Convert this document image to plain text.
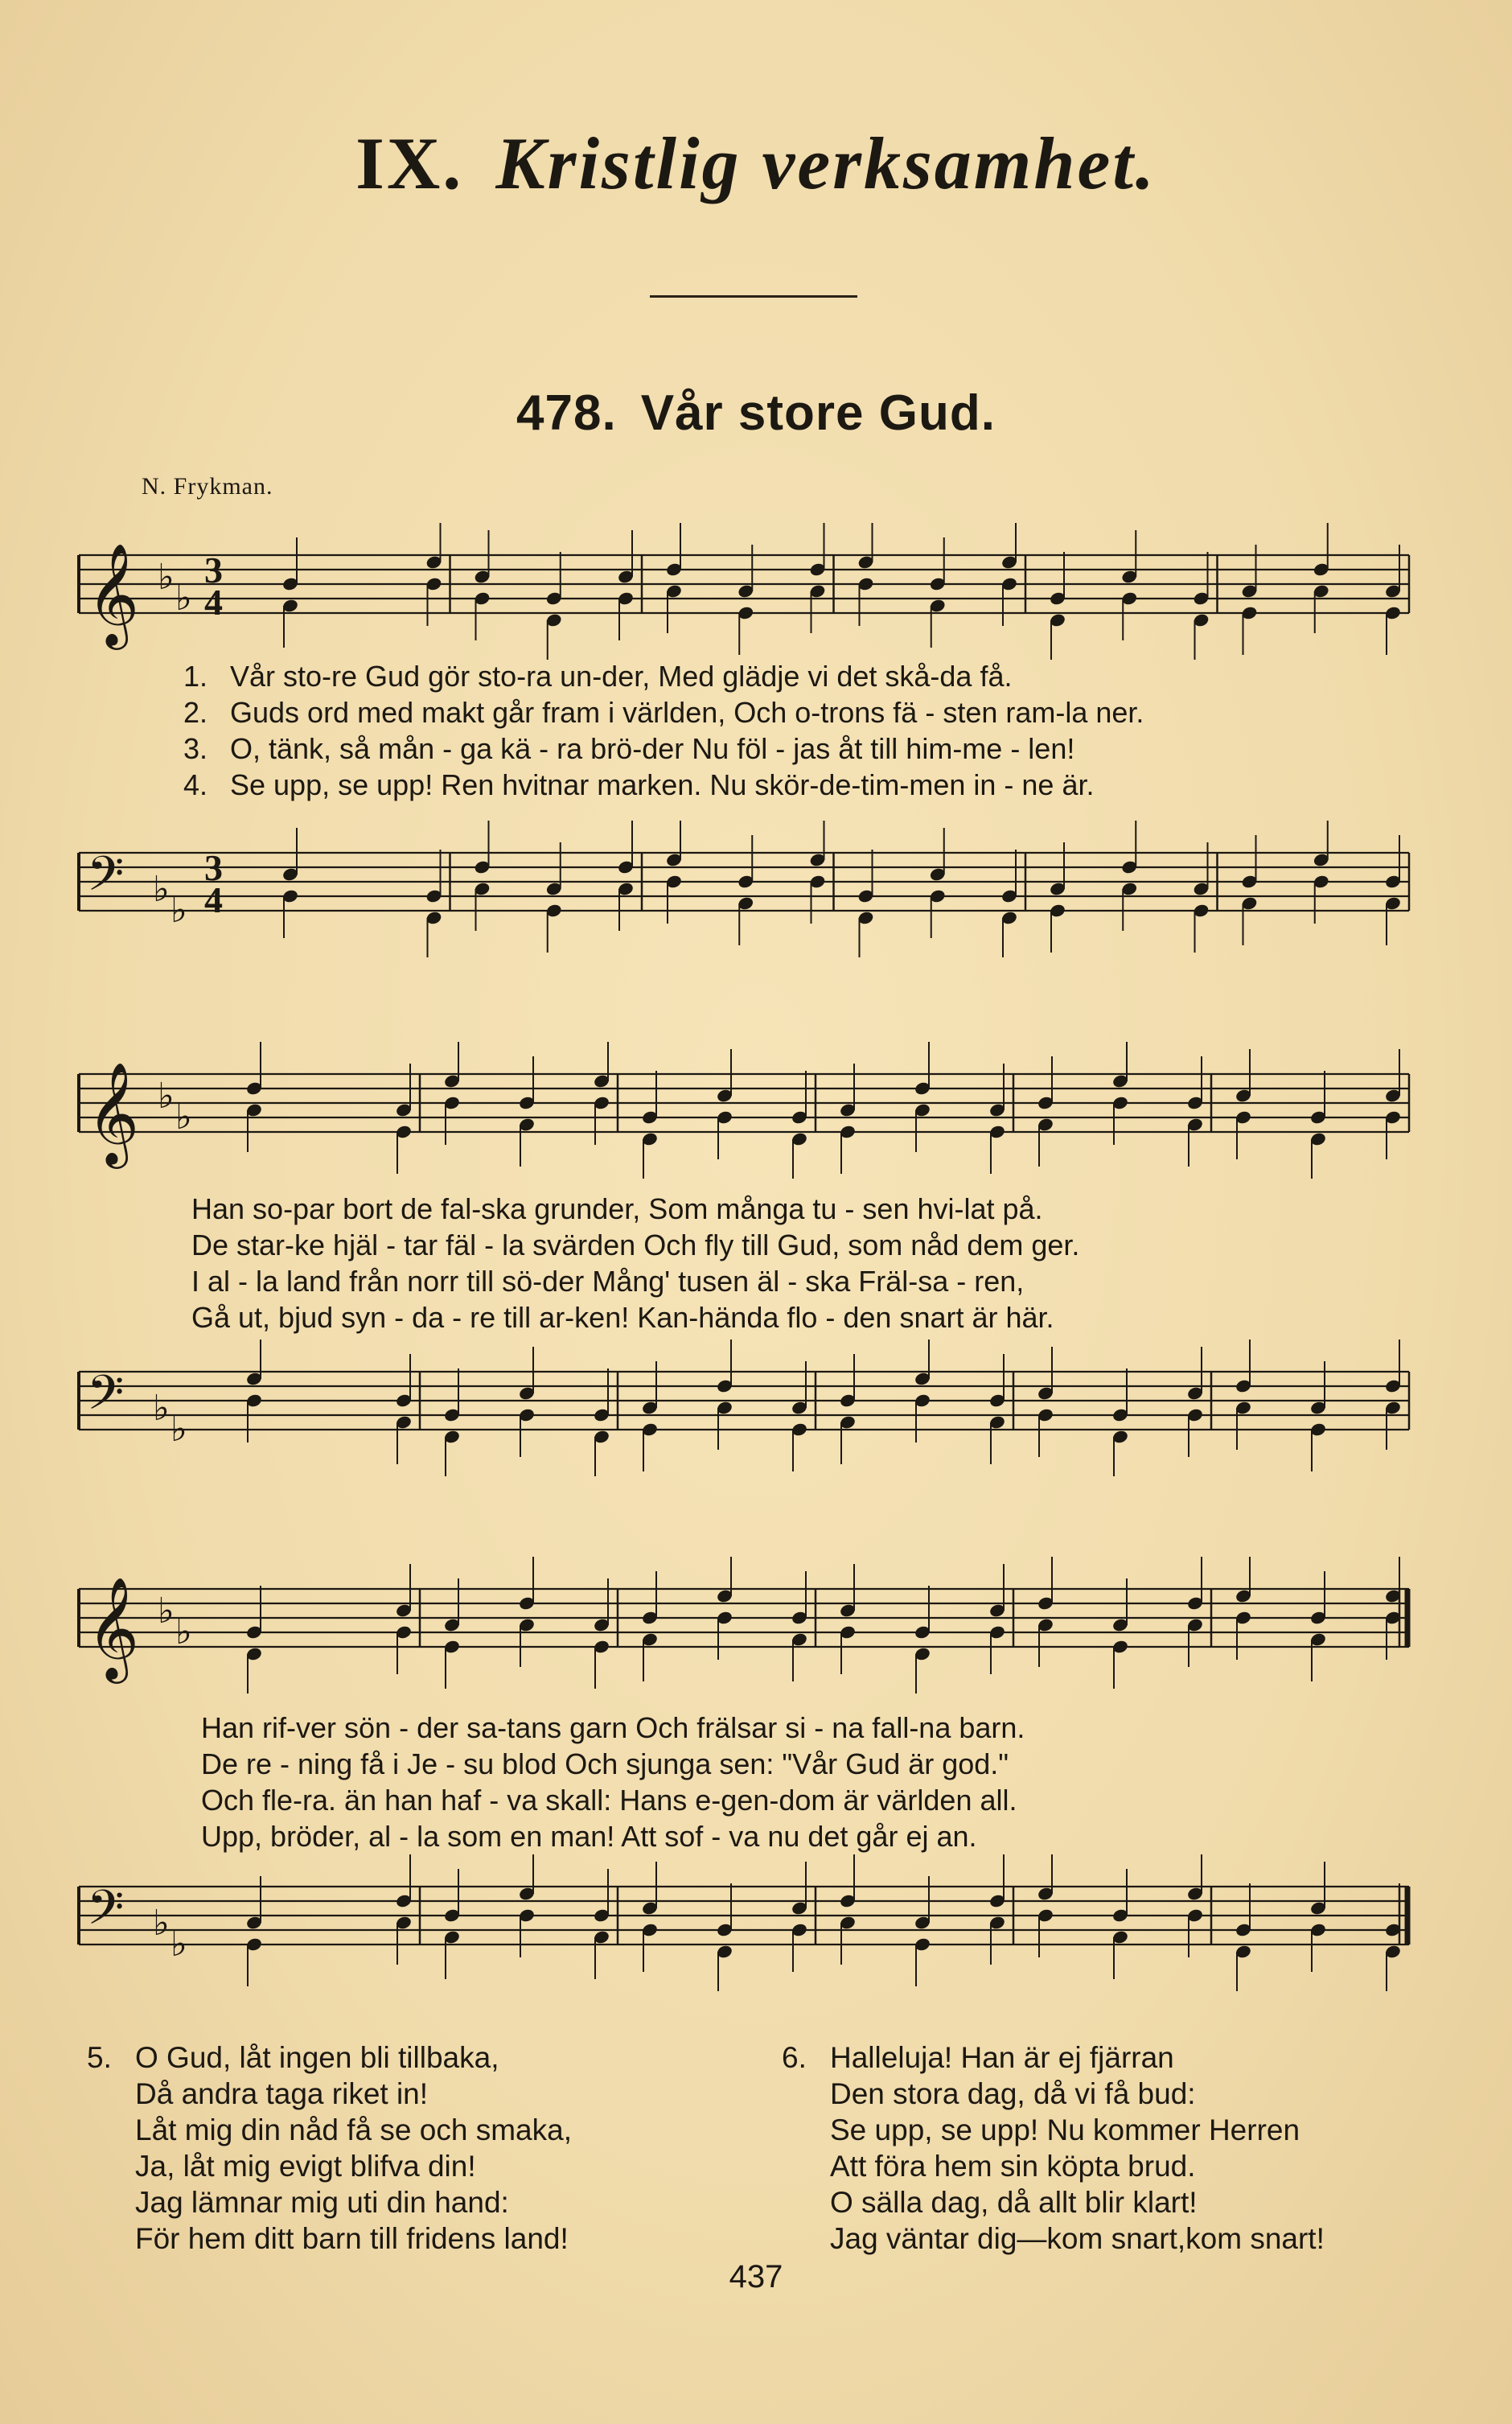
IX. Kristlig verksamhet.
478. Vår store Gud.
N. Frykman.
𝄞 ♭
♭
3
4
1. Vår sto-re Gud gör sto-ra un-der, Med glädje vi det skå-da få.
2. Guds ord med makt går fram i världen, Och o-trons fä - sten ram-la ner.
3. O, tänk, så mån - ga kä - ra brö-der Nu föl - jas åt till him-me - len!
4. Se upp, se upp! Ren hvitnar marken. Nu skör-de-tim-men in - ne är.
𝄢 ♭
♭
3
4
𝄞 ♭
♭
Han so-par bort de fal-ska grunder, Som många tu - sen hvi-lat på.
De star-ke hjäl - tar fäl - la svärden Och fly till Gud, som nåd dem ger.
I al - la land från norr till sö-der Mång' tusen äl - ska Fräl-sa - ren,
Gå ut, bjud syn - da - re till ar-ken! Kan-hända flo - den snart är här.
𝄢 ♭
♭
𝄞 ♭
♭
Han rif-ver sön - der sa-tans garn Och frälsar si - na fall-na barn.
De re - ning få i Je - su blod Och sjunga sen: "Vår Gud är god."
Och fle-ra. än han haf - va skall: Hans e-gen-dom är världen all.
Upp, bröder, al - la som en man! Att sof - va nu det går ej an.
𝄢 ♭
♭
5. O Gud, låt ingen bli tillbaka,
Då andra taga riket in!
Låt mig din nåd få se och smaka,
Ja, låt mig evigt blifva din!
Jag lämnar mig uti din hand:
För hem ditt barn till fridens land!
6. Halleluja! Han är ej fjärran
Den stora dag, då vi få bud:
Se upp, se upp! Nu kommer Herren
Att föra hem sin köpta brud.
O sälla dag, då allt blir klart!
Jag väntar dig—kom snart,kom snart!
437
